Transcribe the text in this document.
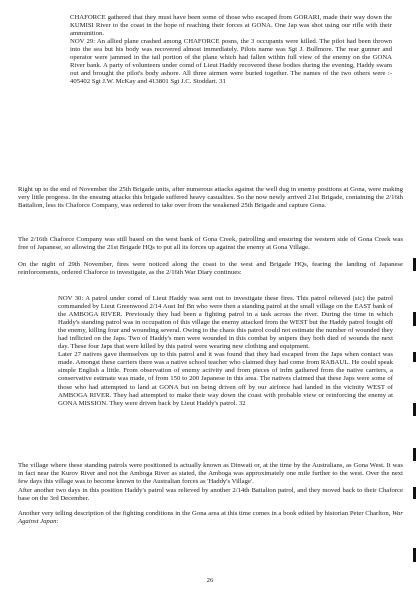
CHAFORCE gathered that they must have been some of those who escaped from GORARI, made their way down the KUMISI River to the coast in the hope of reaching their forces at GONA. One Jap was shot using our rifle with their ammunition.
NOV 29: An allied plane crashed among CHAFORCE posns, the 3 occupants were killed. The pilot had been thrown into the sea but his body was recovered almost immediately. Pilots name was Sgt J. Bullmore. The rear gunner and operator were jammed in the tail portion of the plane which had fallen within full view of the enemy on the GONA River bank. A party of volunteers under comd of Lieut Haddy recovered these bodies during the evening, Haddy swam out and brought the pilot's body ashore. All three airmen were buried together. The names of the two others were :- 405402 Sgt J.W. McKay and 413801 Sgt J.C. Stoddart. 31

Right up to the end of November the 25th Brigade units, after numerous attacks against the well dug in enemy positions at Gona, were making very little progress. In the ensuing attacks this brigade suffered heavy casualties. So the now newly arrived 21st Brigade, containing the 2/16th Battalion, less its Chaforce Company, was ordered to take over from the weakened 25th Brigade and capture Gona.

The 2/16th Chaforce Company was still based on the west bank of Gona Creek, patrolling and ensuring the western side of Gona Creek was free of Japanese, so allowing the 21st Brigade HQs to put all its forces up against the enemy at Gona Village.

On the night of 29th November, fires were noticed along the coast to the west and Brigade HQs, fearing the landing of Japanese reinforcements, ordered Chaforce to investigate, as the 2/16th War Diary continues:

NOV 30: A patrol under comd of Lieut Haddy was sent out to investigate these fires. This patrol relieved (sic) the patrol commanded by Lieut Greenwood 2/14 Aust Inf Bn who were then a standing patrol at the small village on the EAST bank of the AMBOGA RIVER. Previously they had been a fighting patrol in a task across the river. During the time in which Haddy's standing patrol was in occupation of this village the enemy attacked from the WEST but the Haddy patrol fought off the enemy, killing four and wounding several. Owing to the chaos this patrol could not estimate the number of wounded they had inflicted on the Japs. Two of Haddy's men were wounded in this combat by snipers they both died of wounds the next day. These four Japs that were killed by this patrol were wearing new clothing and equipment.
Later 27 natives gave themselves up to this patrol and it was found that they had escaped from the Japs when contact was made. Amongst these carriers there was a native school teacher who claimed they had come from RABAUL. He could speak simple English a little. From observation of enemy activity and from pieces of infm gathered from the native carriers, a conservative estimate was made, of from 150 to 200 Japanese in this area. The natives claimed that these Japs were some of those who had attempted to land at GONA but on being driven off by our airforce had landed in the vicinity WEST of AMBOGA RIVER. They had attempted to make their way down the coast with probable view or reinforcing the enemy at GONA MISSION. They were driven back by Lieut Haddy's patrol. 32

The village where these standing patrols were positioned is actually known as Dinwati or, at the time by the Australians, as Gona West. It was in fact near the Kurov River and not the Amboga River as stated, the Amboga was approximately one mile further to the west. Over the next few days this village was to become known to the Australian forces as 'Haddy's Village'.

After another two days in this position Haddy's patrol was relieved by another 2/14th Battalion patrol, and they moved back to their Chaforce base on the 3rd December.

Another very telling description of the fighting conditions in the Gona area at this time comes in a book edited by historian Peter Charlton, War Against Japan:

26
